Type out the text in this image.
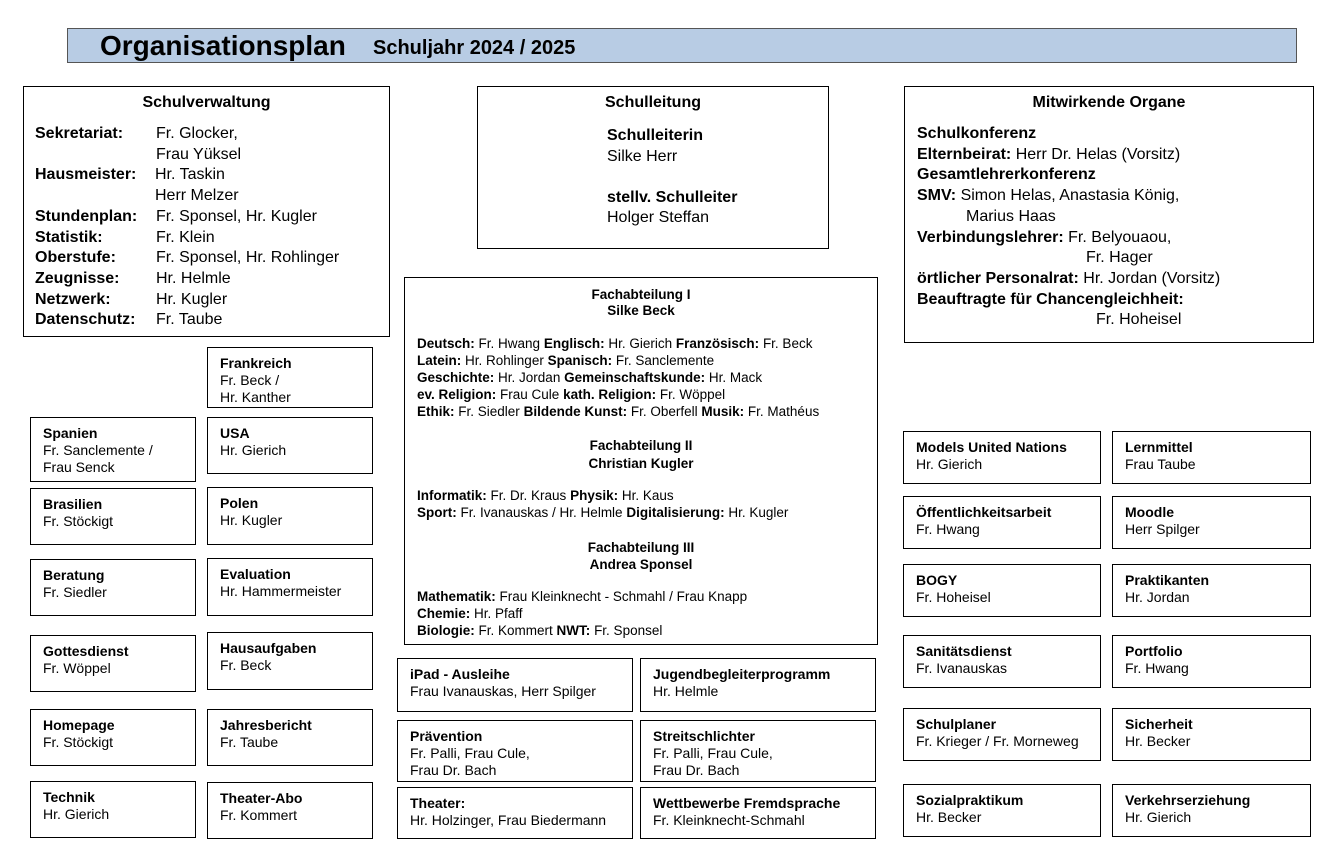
Organisationsplan Schuljahr 2024 / 2025
Schulverwaltung
Sekretariat: Fr. Glocker,
Frau Yüksel
Hausmeister: Hr. Taskin
Herr Melzer
Stundenplan: Fr. Sponsel, Hr. Kugler
Statistik:	Fr. Klein
Oberstufe:	Fr. Sponsel, Hr. Rohlinger
Zeugnisse: Hr. Helmle
Netzwerk:	Hr. Kugler
Datenschutz: Fr. Taube
Schulleitung
Schulleiterin
Silke Herr
stellv. Schulleiter
Holger Steffan
Mitwirkende Organe
Schulkonferenz
Elternbeirat: Herr Dr. Helas (Vorsitz)
Gesamtlehrerkonferenz
SMV: Simon Helas, Anastasia König,
Marius Haas
Verbindungslehrer: Fr. Belyouaou,
Fr. Hager
örtlicher Personalrat: Hr. Jordan (Vorsitz)
Beauftragte für Chancengleichheit:
Fr. Hoheisel
Fachabteilung I
Silke Beck
Deutsch: Fr. Hwang Englisch: Hr. Gierich Französisch: Fr. Beck
Latein: Hr. Rohlinger Spanisch: Fr. Sanclemente
Geschichte: Hr. Jordan Gemeinschaftskunde: Hr. Mack
ev. Religion: Frau Cule kath. Religion: Fr. Wöppel
Ethik: Fr. Siedler Bildende Kunst: Fr. Oberfell Musik: Fr. Mathéus
Fachabteilung II
Christian Kugler
Informatik: Fr. Dr. Kraus Physik: Hr. Kaus
Sport: Fr. Ivanauskas / Hr. Helmle Digitalisierung: Hr. Kugler
Fachabteilung III
Andrea Sponsel
Mathematik: Frau Kleinknecht - Schmahl / Frau Knapp
Chemie: Hr. Pfaff
Biologie: Fr. Kommert NWT: Fr. Sponsel
Frankreich
Fr. Beck /
Hr. Kanther
Spanien
Fr. Sanclemente /
Frau Senck
USA
Hr. Gierich
Brasilien
Fr. Stöckigt
Polen
Hr. Kugler
Beratung
Fr. Siedler
Evaluation
Hr. Hammermeister
Gottesdienst
Fr. Wöppel
Hausaufgaben
Fr. Beck
Homepage
Fr. Stöckigt
Jahresbericht
Fr. Taube
Technik
Hr. Gierich
Theater-Abo
Fr. Kommert
iPad - Ausleihe
Frau Ivanauskas, Herr Spilger
Jugendbegleiterprogramm
Hr. Helmle
Prävention
Fr. Palli, Frau Cule,
Frau Dr. Bach
Streitschlichter
Fr. Palli, Frau Cule,
Frau Dr. Bach
Theater:
Hr. Holzinger, Frau Biedermann
Wettbewerbe Fremdsprache
Fr. Kleinknecht-Schmahl
Models United Nations
Hr. Gierich
Lernmittel
Frau Taube
Öffentlichkeitsarbeit
Fr. Hwang
Moodle
Herr Spilger
BOGY
Fr. Hoheisel
Praktikanten
Hr. Jordan
Sanitätsdienst
Fr. Ivanauskas
Portfolio
Fr. Hwang
Schulplaner
Fr. Krieger / Fr. Morneweg
Sicherheit
Hr. Becker
Sozialpraktikum
Hr. Becker
Verkehrserziehung
Hr. Gierich
